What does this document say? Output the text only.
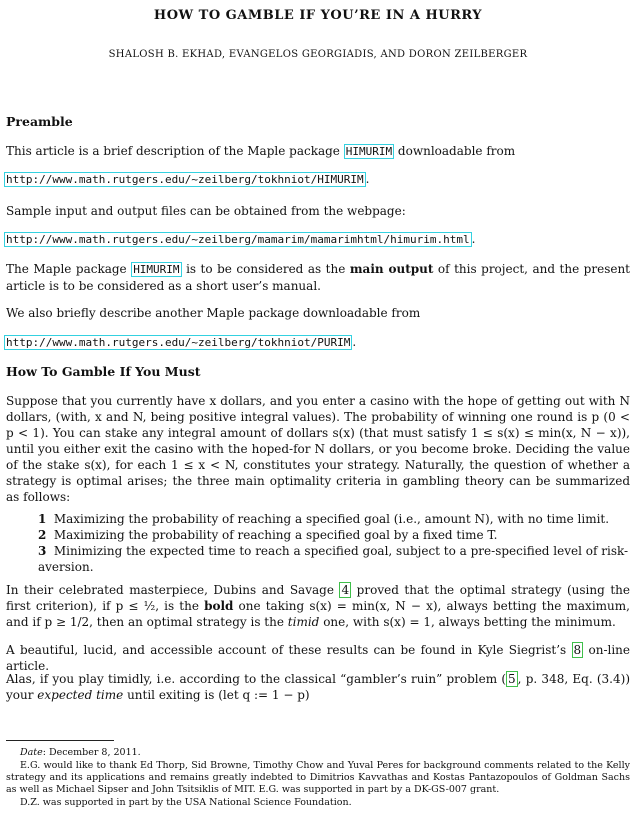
HOW TO GAMBLE IF YOU’RE IN A HURRY
SHALOSH B. EKHAD, EVANGELOS GEORGIADIS, AND DORON ZEILBERGER
Preamble
This article is a brief description of the Maple package HIMURIM downloadable from
http://www.math.rutgers.edu/~zeilberg/tokhniot/HIMURIM .
Sample input and output files can be obtained from the webpage:
http://www.math.rutgers.edu/~zeilberg/mamarim/mamarimhtml/himurim.html .
The Maple package HIMURIM is to be considered as the main output of this project, and the present article is to be considered as a short user’s manual.
We also briefly describe another Maple package downloadable from
http://www.math.rutgers.edu/~zeilberg/tokhniot/PURIM .
How To Gamble If You Must
Suppose that you currently have x dollars, and you enter a casino with the hope of getting out with N dollars, (with, x and N, being positive integral values). The probability of winning one round is p (0 < p < 1). You can stake any integral amount of dollars s(x) (that must satisfy 1 ≤ s(x) ≤ min(x, N − x)), until you either exit the casino with the hoped-for N dollars, or you become broke. Deciding the value of the stake s(x), for each 1 ≤ x < N, constitutes your strategy. Naturally, the question of whether a strategy is optimal arises; the three main optimality criteria in gambling theory can be summarized as follows:
1 Maximizing the probability of reaching a specified goal (i.e., amount N), with no time limit.
2 Maximizing the probability of reaching a specified goal by a fixed time T.
3 Minimizing the expected time to reach a specified goal, subject to a pre-specified level of risk-aversion.
In their celebrated masterpiece, Dubins and Savage 4 proved that the optimal strategy (using the first criterion), if p ≤ ½, is the bold one taking s(x) = min(x, N − x), always betting the maximum, and if p ≥ 1/2, then an optimal strategy is the timid one, with s(x) = 1, always betting the minimum.
A beautiful, lucid, and accessible account of these results can be found in Kyle Siegrist’s 8 on-line article.
Alas, if you play timidly, i.e. according to the classical “gambler’s ruin” problem ( 5 , p. 348, Eq. (3.4)) your expected time until exiting is (let q := 1 − p)
Date: December 8, 2011.
E.G. would like to thank Ed Thorp, Sid Browne, Timothy Chow and Yuval Peres for background comments related to the Kelly strategy and its applications and remains greatly indebted to Dimitrios Kavvathas and Kostas Pantazopoulos of Goldman Sachs as well as Michael Sipser and John Tsitsiklis of MIT. E.G. was supported in part by a DK-GS-007 grant.
D.Z. was supported in part by the USA National Science Foundation.
